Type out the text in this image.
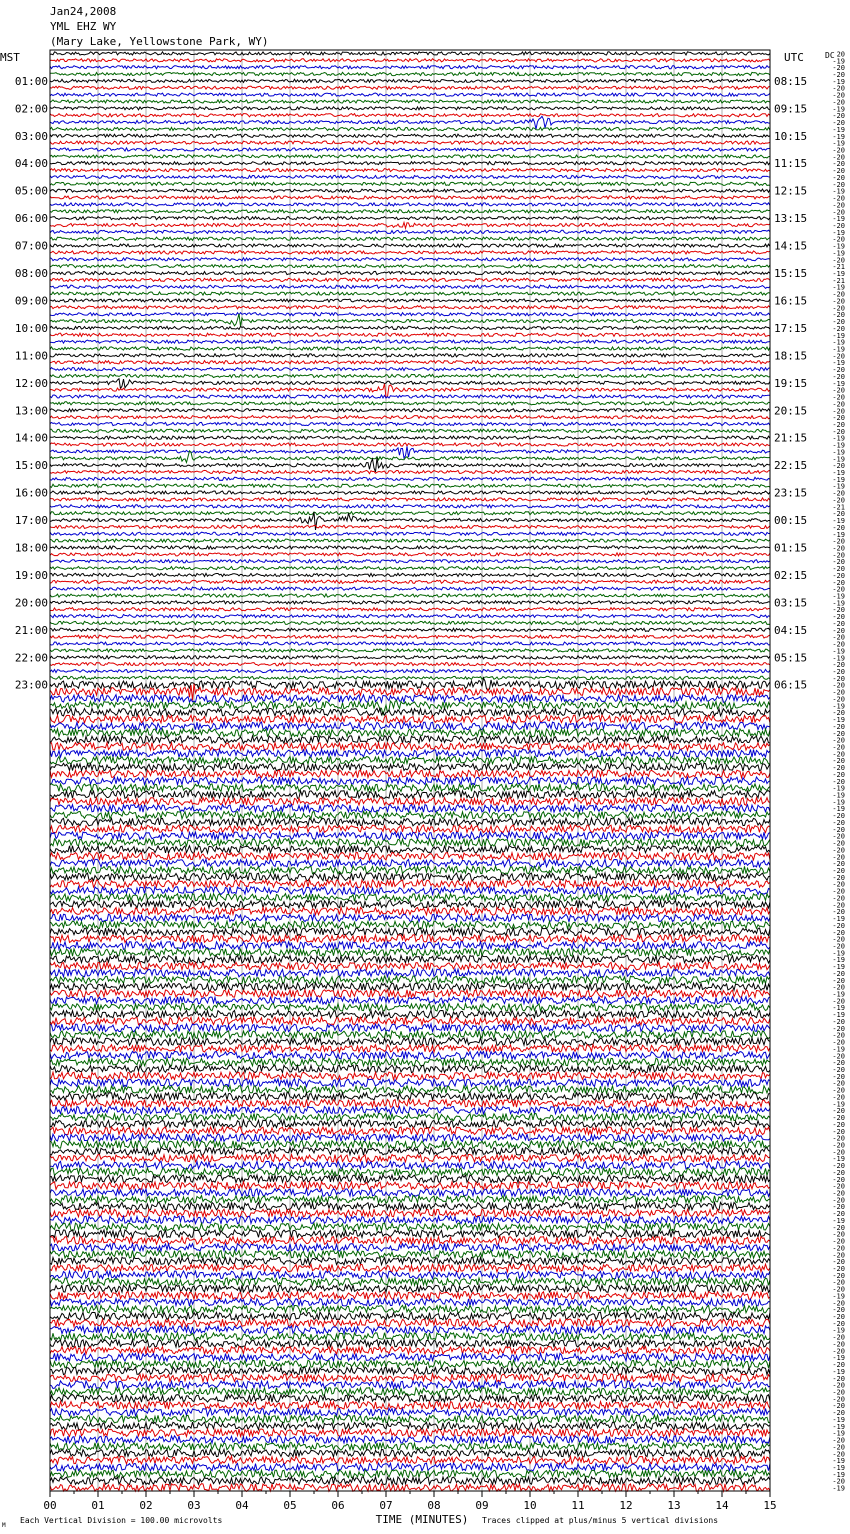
Jan24,2008
YML EHZ WY
(Mary Lake, Yellowstone Park, WY)
00	01	02	03	04	05	06	07	08	09	10	11	12	13	14	15
MST	UTC	DC
01:00
02:00
03:00
04:00
05:00
06:00
07:00
08:00
09:00
10:00
11:00
12:00
13:00
14:00
15:00
16:00
17:00
18:00
19:00
20:00
21:00
22:00
23:00
08:15
09:15
10:15
11:15
12:15
13:15
14:15
15:15
16:15
17:15
18:15
19:15
20:15
21:15
22:15
23:15
00:15
01:15
02:15
03:15
04:15
05:15
06:15
20
-19
-20
-20
-19
-20
-20
-20
-19
-20
-20
-19
-19
-19
-20
-20
-20
-20
-20
-20
-19
-20
-20
-20
-19
-20
-19
-20
-19
-19
-20
-21
-19
-21
-19
-20
-20
-20
-20
-20
-20
-19
-19
-19
-20
-19
-20
-20
-19
-20
-20
-20
-20
-20
-20
-20
-19
-19
-19
-19
-20
-19
-19
-19
-20
-20
-21
-20
-19
-20
-19
-20
-20
-20
-20
-20
-20
-20
-20
-19
-19
-20
-20
-20
-20
-20
-20
-19
-19
-20
-20
-20
-20
-20
-20
-19
-20
-19
-20
-20
-20
-20
-20
-20
-20
-20
-20
-19
-19
-19
-19
-20
-20
-20
-20
-20
-20
-20
-20
-20
-20
-20
-20
-20
-20
-20
-19
-20
-20
-20
-20
-19
-19
-19
-20
-20
-20
-19
-20
-19
-19
-20
-20
-20
-20
-19
-20
-20
-20
-20
-20
-20
-20
-19
-20
-20
-20
-20
-20
-20
-20
-19
-20
-20
-20
-20
-20
-20
-20
-20
-19
-20
-20
-20
-20
-20
-20
-20
-20
-20
-20
-19
-20
-20
-20
-20
-19
-20
-20
-20
-19
-20
-19
-20
-20
-20
-20
-20
-20
-19
-19
-19
-20
-20
-20
-19
-19
-19
-20
-19
TIME (MINUTES)
Each Vertical Division = 100.00 microvolts	Traces clipped at plus/minus 5 vertical divisions
M
